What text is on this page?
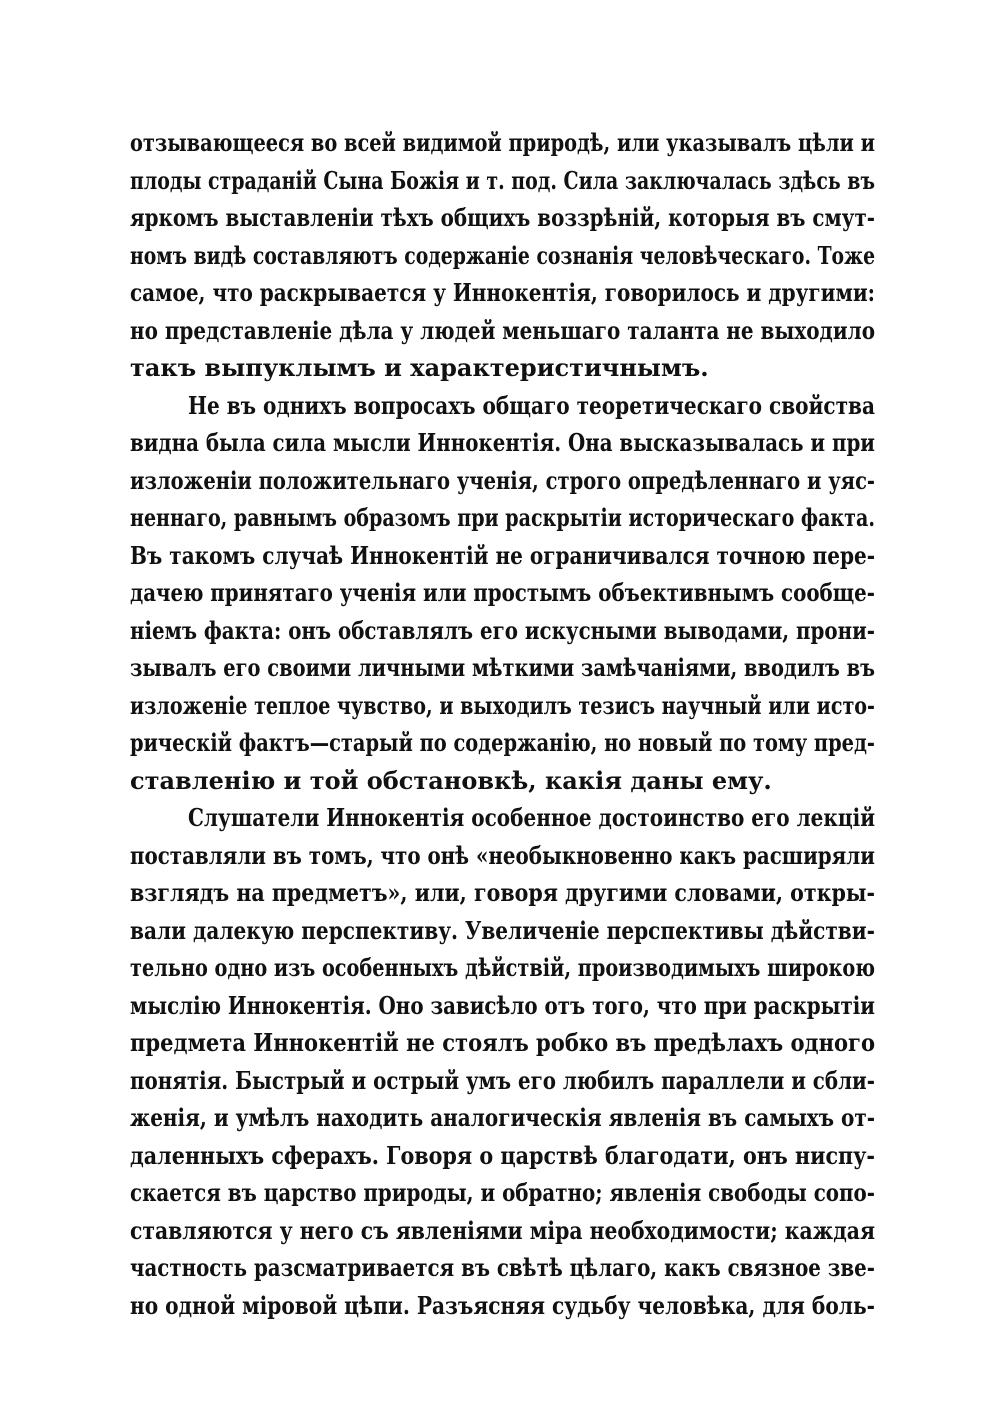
отзывающееся во всей видимой природѣ, или указывалъ цѣли и
плоды страданій Сына Божія и т. под. Сила заключалась здѣсь въ
яркомъ выставленіи тѣхъ общихъ воззрѣній, которыя въ смут-
номъ видѣ составляютъ содержаніе сознанія человѣческаго. Тоже
самое, что раскрывается у Иннокентія, говорилось и другими:
но представленіе дѣла у людей меньшаго таланта не выходило
такъ выпуклымъ и характеристичнымъ.
Не въ однихъ вопросахъ общаго теоретическаго свойства
видна была сила мысли Иннокентія. Она высказывалась и при
изложеніи положительнаго ученія, строго опредѣленнаго и уяс-
неннаго, равнымъ образомъ при раскрытіи историческаго факта.
Въ такомъ случаѣ Иннокентій не ограничивался точною пере-
дачею принятаго ученія или простымъ объективнымъ сообще-
ніемъ факта: онъ обставлялъ его искусными выводами, прони-
зывалъ его своими личными мѣткими замѣчаніями, вводилъ въ
изложеніе теплое чувство, и выходилъ тезисъ научный или исто-
рическій фактъ—старый по содержанію, но новый по тому пред-
ставленію и той обстановкѣ, какія даны ему.
Слушатели Иннокентія особенное достоинство его лекцій
поставляли въ томъ, что онѣ «необыкновенно какъ расширяли
взглядъ на предметъ», или, говоря другими словами, откры-
вали далекую перспективу. Увеличеніе перспективы дѣйстви-
тельно одно изъ особенныхъ дѣйствій, производимыхъ широкою
мыслію Иннокентія. Оно зависѣло отъ того, что при раскрытіи
предмета Иннокентій не стоялъ робко въ предѣлахъ одного
понятія. Быстрый и острый умъ его любилъ параллели и сбли-
женія, и умѣлъ находить аналогическія явленія въ самыхъ от-
даленныхъ сферахъ. Говоря о царствѣ благодати, онъ ниспу-
скается въ царство природы, и обратно; явленія свободы сопо-
ставляются у него съ явленіями міра необходимости; каждая
частность разсматривается въ свѣтѣ цѣлаго, какъ связное зве-
но одной міровой цѣпи. Разъясняя судьбу человѣка, для боль-
